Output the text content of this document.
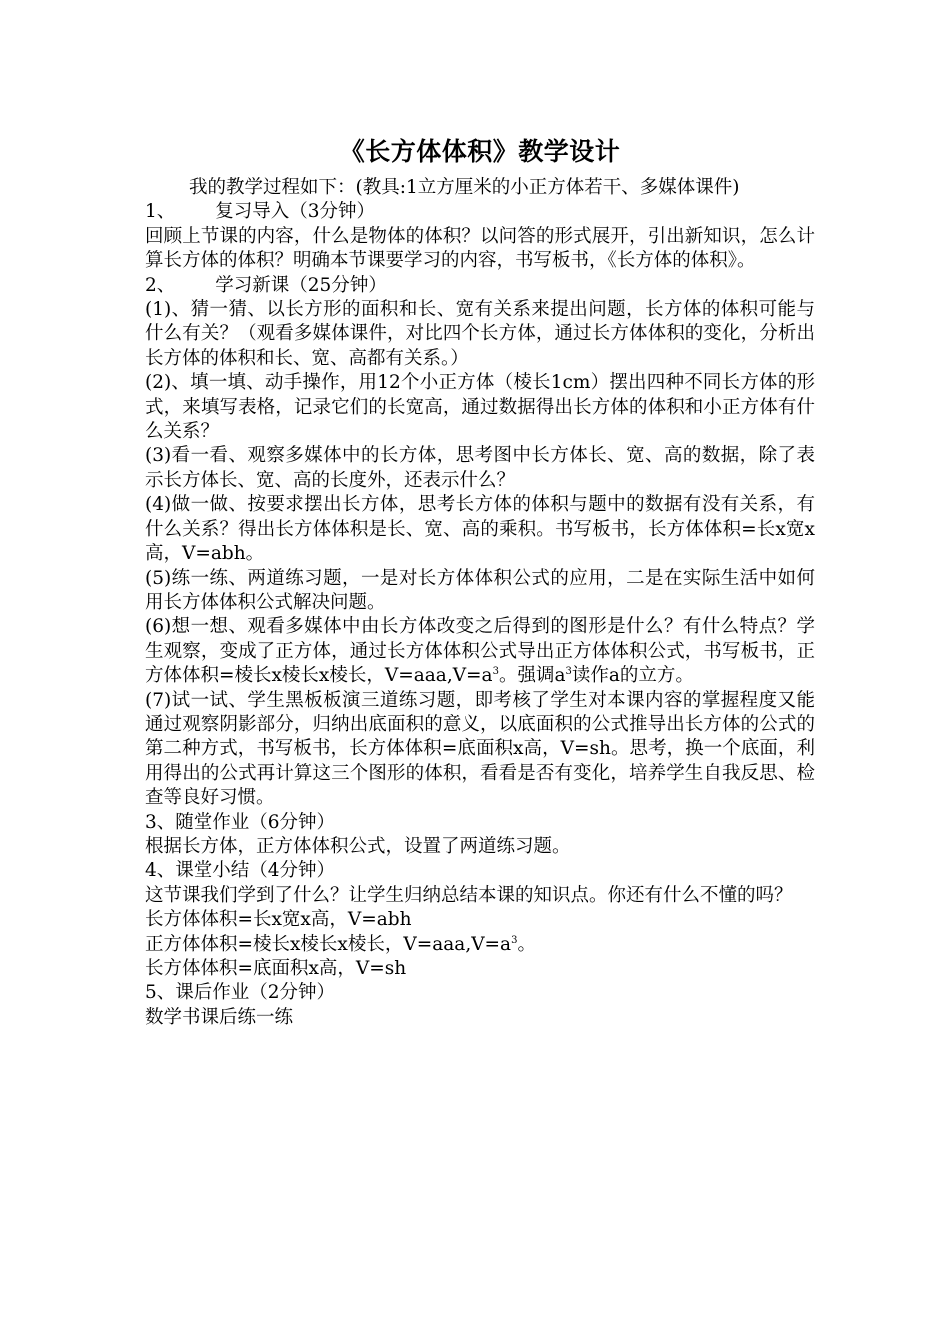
《长方体体积》教学设计

我的教学过程如下：(教具:1立方厘米的小正方体若干、多媒体课件)

1、 复习导入（3分钟）

回顾上节课的内容，什么是物体的体积？以问答的形式展开，引出新知识，怎么计算长方体的体积？明确本节课要学习的内容，书写板书，《长方体的体积》。

2、 学习新课（25分钟）

(1)、猜一猜、以长方形的面积和长、宽有关系来提出问题，长方体的体积可能与什么有关？（观看多媒体课件，对比四个长方体，通过长方体体积的变化，分析出长方体的体积和长、宽、高都有关系。）

(2)、填一填、动手操作，用12个小正方体（棱长1cm）摆出四种不同长方体的形式，来填写表格，记录它们的长宽高，通过数据得出长方体的体积和小正方体有什么关系？

(3)看一看、观察多媒体中的长方体，思考图中长方体长、宽、高的数据，除了表示长方体长、宽、高的长度外，还表示什么？

(4)做一做、按要求摆出长方体，思考长方体的体积与题中的数据有没有关系，有什么关系？得出长方体体积是长、宽、高的乘积。书写板书，长方体体积=长x宽x高，V=abh。

(5)练一练、两道练习题，一是对长方体体积公式的应用，二是在实际生活中如何用长方体体积公式解决问题。

(6)想一想、观看多媒体中由长方体改变之后得到的图形是什么？有什么特点？学生观察，变成了正方体，通过长方体体积公式导出正方体体积公式，书写板书，正方体体积=棱长x棱长x棱长，$V=aaa,V=a^3$。强调$a^3$读作a的立方。

(7)试一试、学生黑板板演三道练习题，即考核了学生对本课内容的掌握程度又能通过观察阴影部分，归纳出底面积的意义，以底面积的公式推导出长方体的公式的第二种方式，书写板书，长方体体积=底面积x高，V=sh。思考，换一个底面，利用得出的公式再计算这三个图形的体积，看看是否有变化，培养学生自我反思、检查等良好习惯。

3、随堂作业（6分钟）

根据长方体，正方体体积公式，设置了两道练习题。

4、课堂小结（4分钟）

这节课我们学到了什么？让学生归纳总结本课的知识点。你还有什么不懂的吗？

长方体体积=长x宽x高，V=abh

正方体体积=棱长x棱长x棱长，$V=aaa,V=a^3$。

长方体体积=底面积x高，V=sh

5、课后作业（2分钟）

数学书课后练一练
